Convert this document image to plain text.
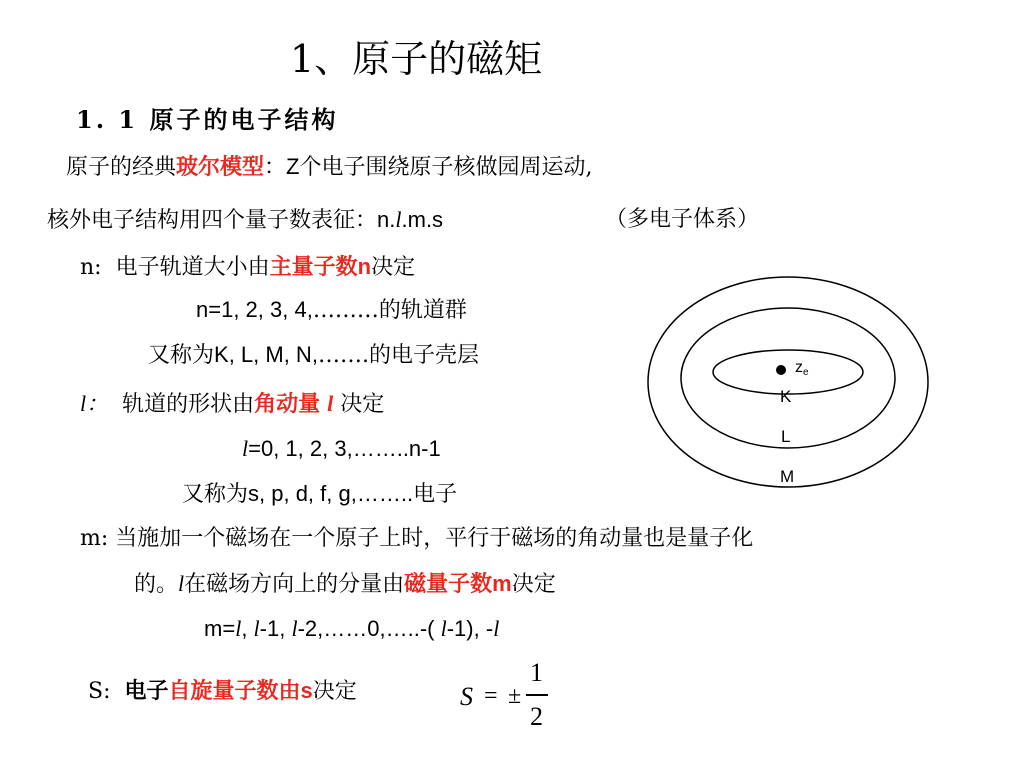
1、原子的磁矩
1. 1 原子的电子结构
原子的经典玻尔模型：Z个电子围绕原子核做园周运动,
核外电子结构用四个量子数表征：n.l.m.s	（多电子体系）
n: 电子轨道大小由主量子数n决定
n=1, 2, 3, 4,………的轨道群
又称为K, L, M, N,…….的电子壳层
l： 轨道的形状由角动量 l 决定
l=0, 1, 2, 3,……..n-1
又称为s, p, d, f, g,……..电子
m: 当施加一个磁场在一个原子上时，平行于磁场的角动量也是量子化
的。l在磁场方向上的分量由磁量子数m决定
m=l, l-1, l-2,……0,…..-( l-1), -l
S: 电子自旋量子数由s决定	S = ±
1
2
ze
K
L
M
